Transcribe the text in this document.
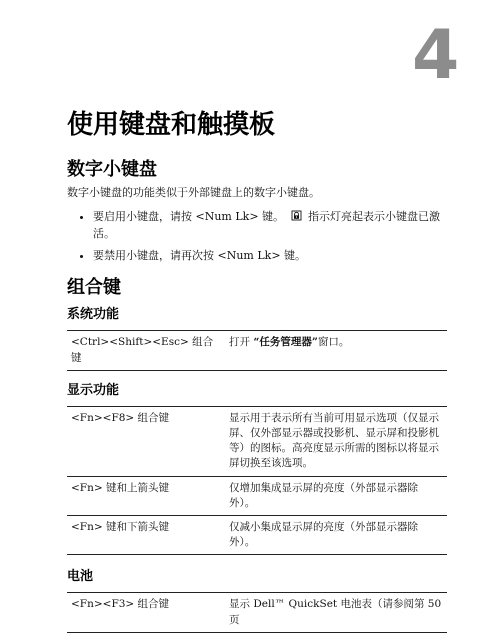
4
使用键盘和触摸板
数字小键盘

数字小键盘的功能类似于外部键盘上的数字小键盘。

• 要启用小键盘，请按 <Num Lk> 键。 指示灯亮起表示小键盘已激活。
• 要禁用小键盘，请再次按 <Num Lk> 键。
组合键
系统功能
<Ctrl><Shift><Esc> 组合键	打开 “任务管理器”窗口。
显示功能
<Fn><F8> 组合键	显示用于表示所有当前可用显示选项（仅显示屏、仅外部显示器或投影机、显示屏和投影机等）的图标。高亮度显示所需的图标以将显示屏切换至该选项。
<Fn> 键和上箭头键	仅增加集成显示屏的亮度（外部显示器除外）。
<Fn> 键和下箭头键	仅减小集成显示屏的亮度（外部显示器除外）。
电池
<Fn><F3> 组合键	显示 Dell™ QuickSet 电池表（请参阅第 50 页
